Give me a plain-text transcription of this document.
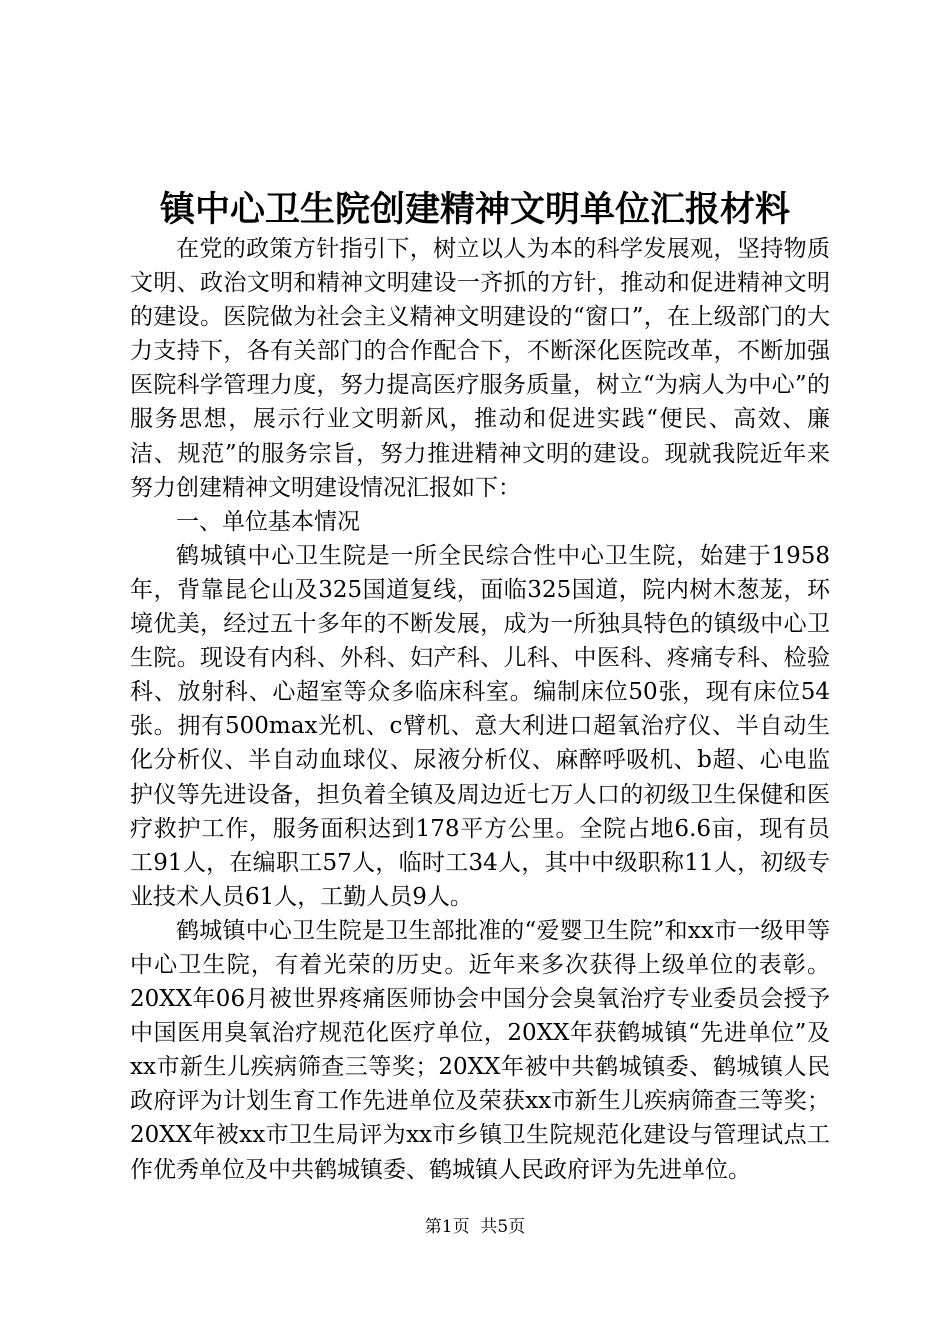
镇中心卫生院创建精神文明单位汇报材料

在党的政策方针指引下，树立以人为本的科学发展观，坚持物质文明、政治文明和精神文明建设一齐抓的方针，推动和促进精神文明的建设。医院做为社会主义精神文明建设的“窗口”，在上级部门的大力支持下，各有关部门的合作配合下，不断深化医院改革，不断加强医院科学管理力度，努力提高医疗服务质量，树立“为病人为中心”的服务思想，展示行业文明新风，推动和促进实践“便民、高效、廉洁、规范”的服务宗旨，努力推进精神文明的建设。现就我院近年来努力创建精神文明建设情况汇报如下：

一、单位基本情况

鹤城镇中心卫生院是一所全民综合性中心卫生院，始建于1958年，背靠昆仑山及325国道复线，面临325国道，院内树木葱茏，环境优美，经过五十多年的不断发展，成为一所独具特色的镇级中心卫生院。现设有内科、外科、妇产科、儿科、中医科、疼痛专科、检验科、放射科、心超室等众多临床科室。编制床位50张，现有床位54张。拥有500max光机、c臂机、意大利进口超氧治疗仪、半自动生化分析仪、半自动血球仪、尿液分析仪、麻醉呼吸机、b超、心电监护仪等先进设备，担负着全镇及周边近七万人口的初级卫生保健和医疗救护工作，服务面积达到178平方公里。全院占地6.6亩，现有员工91人，在编职工57人，临时工34人，其中中级职称11人，初级专业技术人员61人，工勤人员9人。

鹤城镇中心卫生院是卫生部批准的“爱婴卫生院”和xx市一级甲等中心卫生院，有着光荣的历史。近年来多次获得上级单位的表彰。20XX年06月被世界疼痛医师协会中国分会臭氧治疗专业委员会授予中国医用臭氧治疗规范化医疗单位，20XX年获鹤城镇“先进单位”及xx市新生儿疾病筛查三等奖；20XX年被中共鹤城镇委、鹤城镇人民政府评为计划生育工作先进单位及荣获xx市新生儿疾病筛查三等奖；20XX年被xx市卫生局评为xx市乡镇卫生院规范化建设与管理试点工作优秀单位及中共鹤城镇委、鹤城镇人民政府评为先进单位。

第1页 共5页
